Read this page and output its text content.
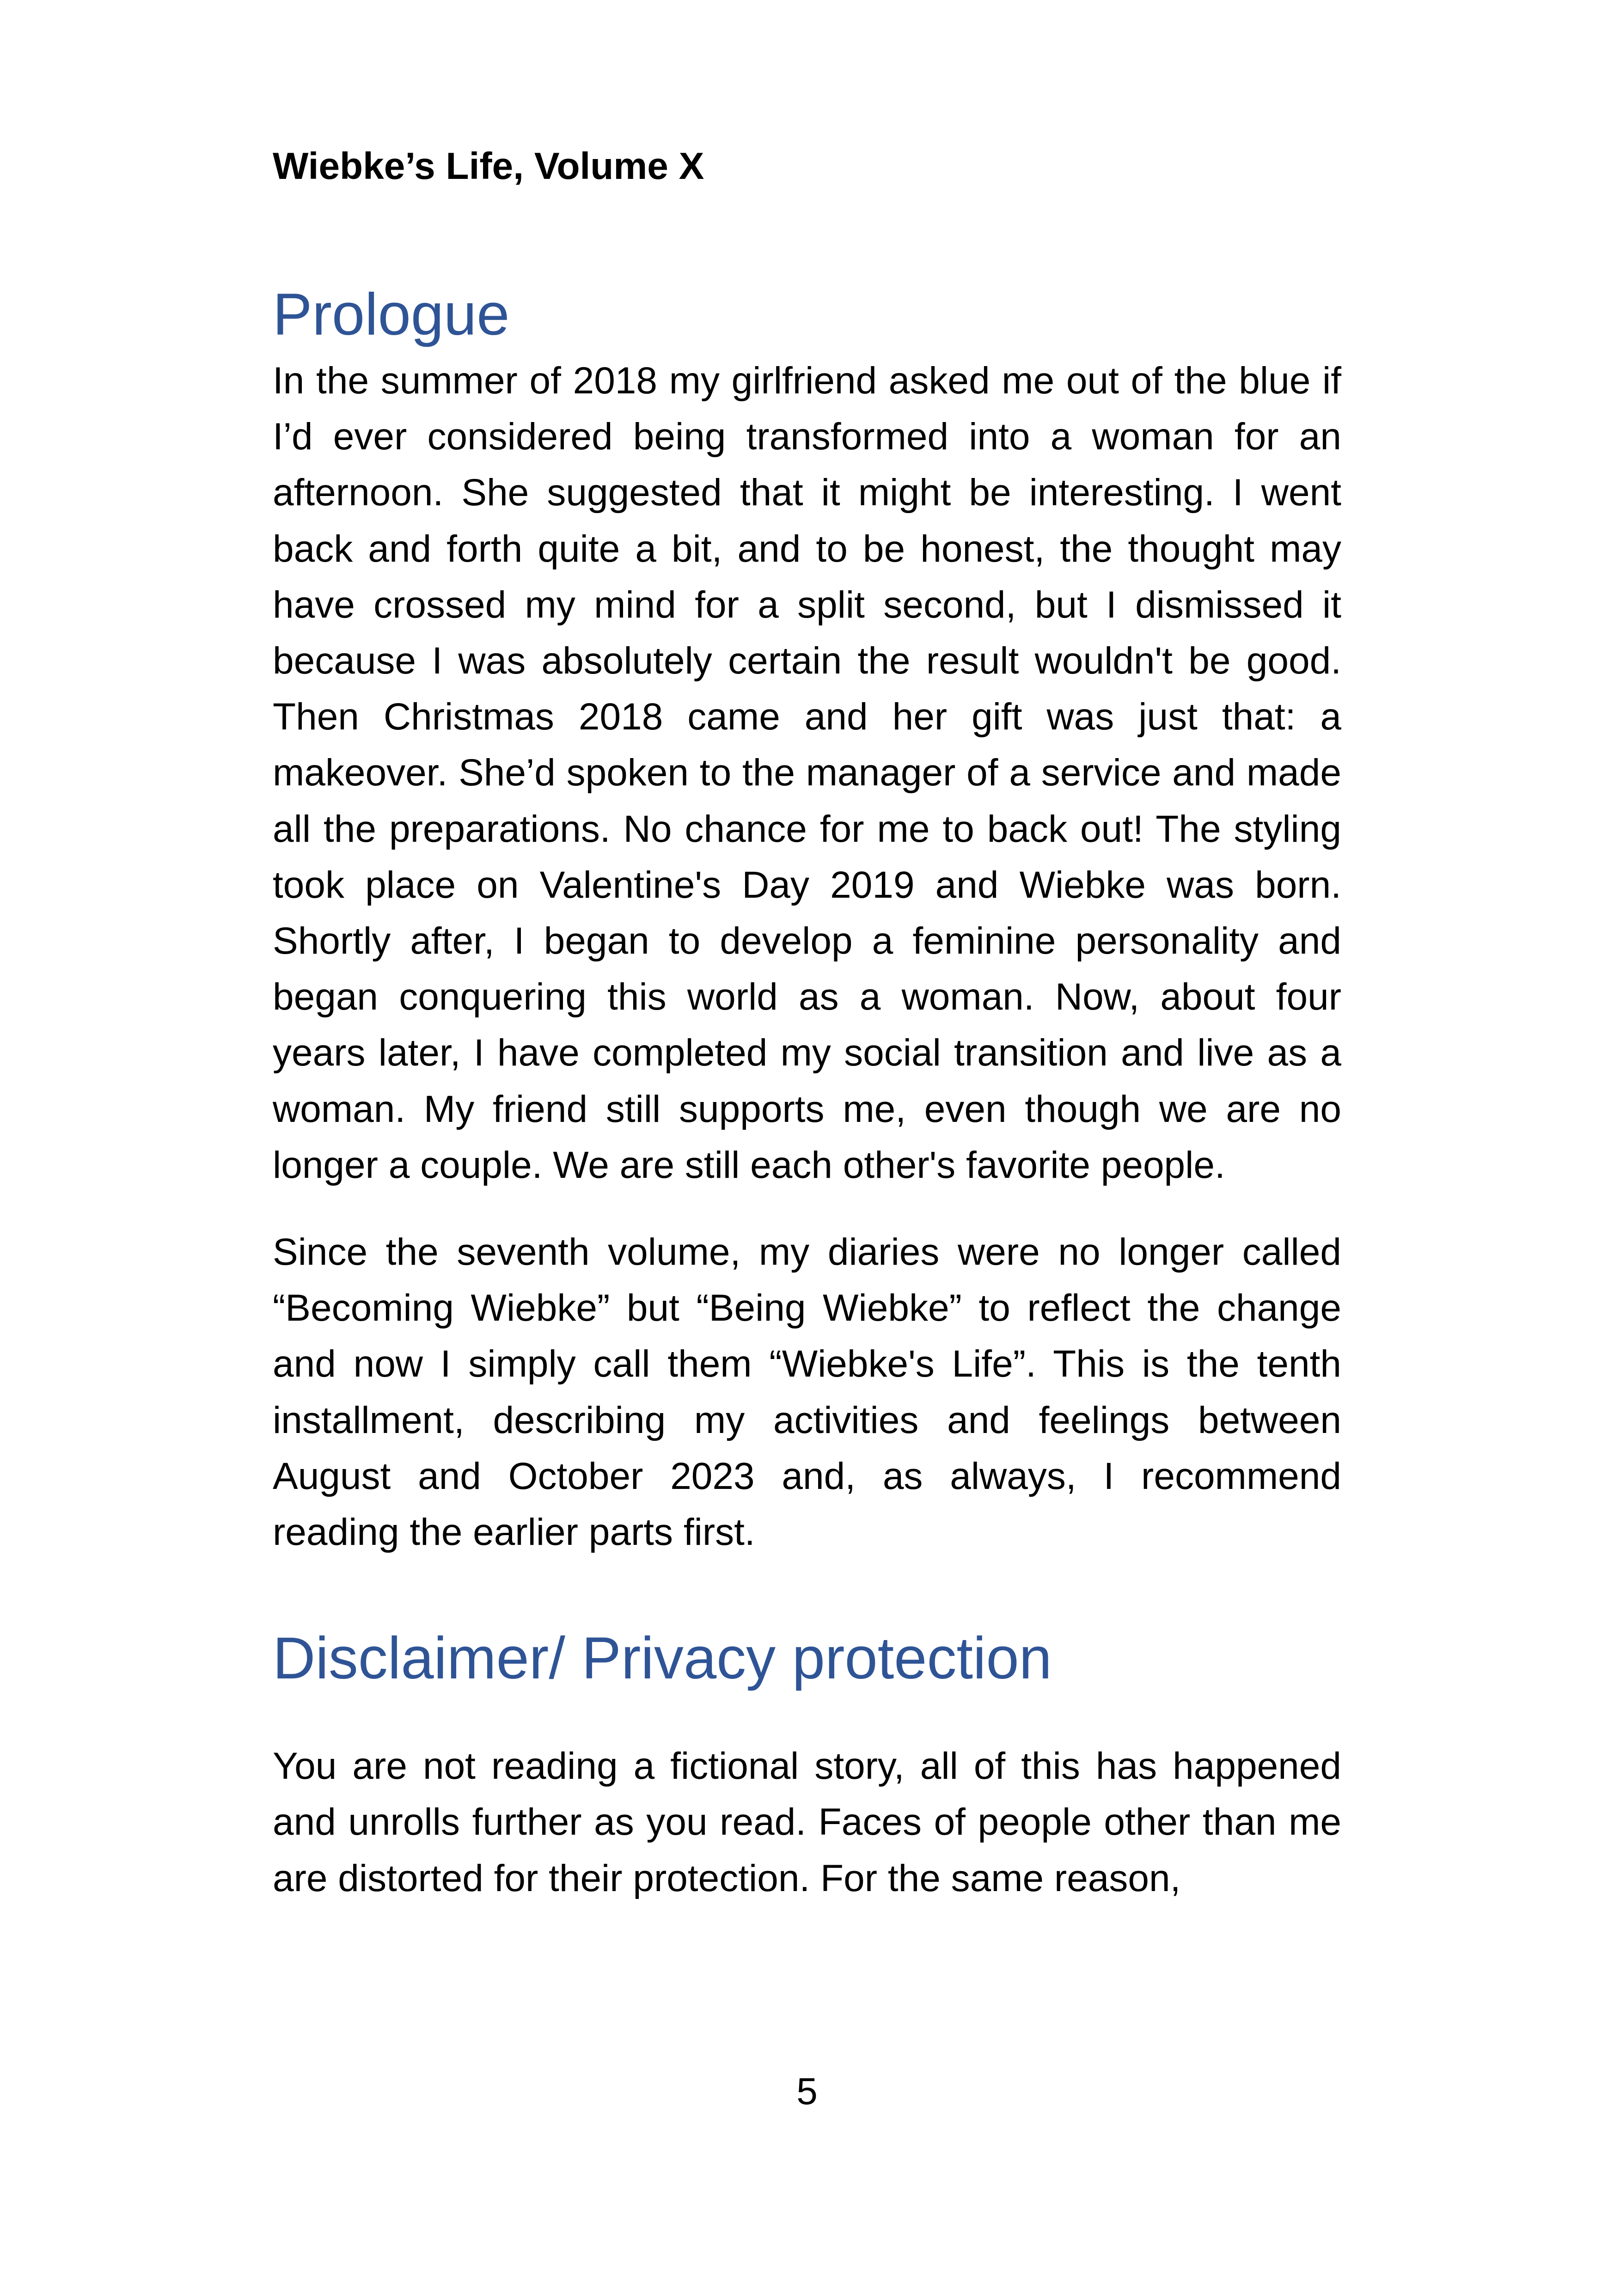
Wiebke’s Life, Volume X

Prologue

In the summer of 2018 my girlfriend asked me out of the blue if I’d ever considered being transformed into a woman for an afternoon. She suggested that it might be interesting. I went back and forth quite a bit, and to be honest, the thought may have crossed my mind for a split second, but I dismissed it because I was absolutely certain the result wouldn't be good. Then Christmas 2018 came and her gift was just that: a makeover. She’d spoken to the manager of a service and made all the preparations. No chance for me to back out! The styling took place on Valentine's Day 2019 and Wiebke was born. Shortly after, I began to develop a feminine personality and began conquering this world as a woman. Now, about four years later, I have completed my social transition and live as a woman. My friend still supports me, even though we are no longer a couple. We are still each other's favorite people.

Since the seventh volume, my diaries were no longer called “Becoming Wiebke” but “Being Wiebke” to reflect the change and now I simply call them “Wiebke's Life”. This is the tenth installment, describing my activities and feelings between August and October 2023 and, as always, I recommend reading the earlier parts first.

Disclaimer/ Privacy protection

You are not reading a fictional story, all of this has happened and unrolls further as you read. Faces of people other than me are distorted for their protection. For the same reason,

5
